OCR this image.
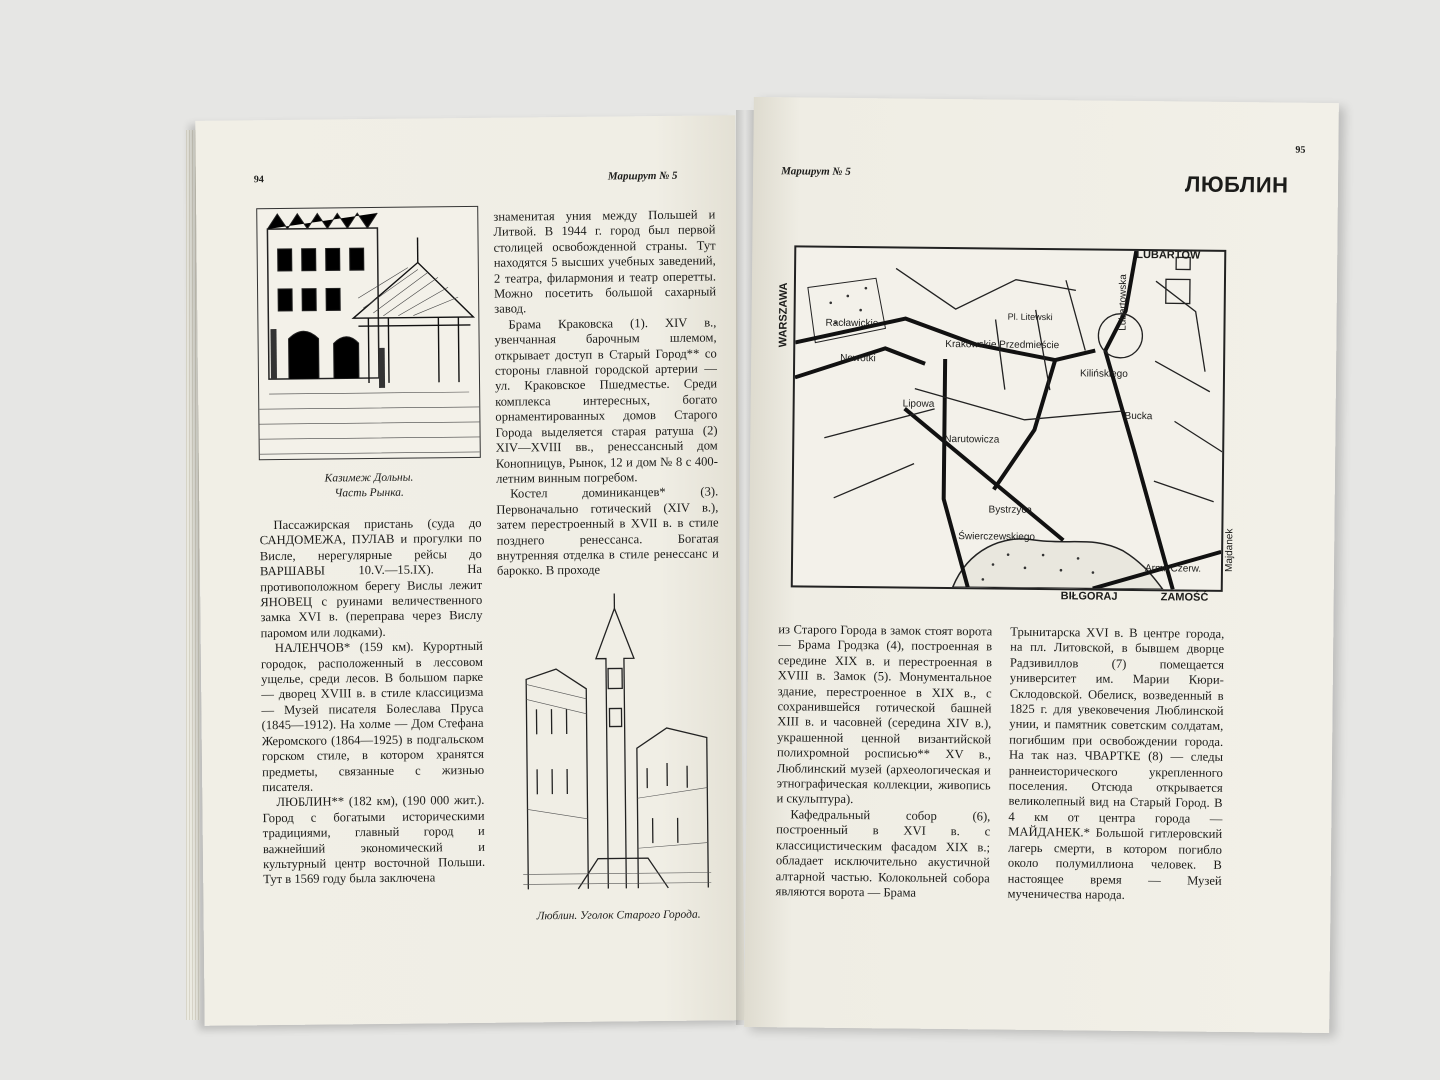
94	Маршрут № 5
Казимеж Дольны.
Часть Рынка.

Пассажирская пристань (суда до САНДОМЕЖА, ПУЛАВ и прогулки по Висле, нерегулярные рейсы до ВАРШАВЫ 10.V.—15.IX). На противоположном берегу Вислы лежит ЯНОВЕЦ с руинами величественного замка XVI в. (переправа через Вислу паромом или лодками).

НАЛЕНЧОВ* (159 км). Курортный городок, расположенный в лессовом ущелье, среди лесов. В большом парке — дворец XVIII в. в стиле классицизма — Музей писателя Болеслава Пруса (1845—1912). На холме — Дом Стефана Жеромского (1864—1925) в подгальском горском стиле, в котором хранятся предметы, связанные с жизнью писателя.

ЛЮБЛИН** (182 км), (190 000 жит.). Город с богатыми историческими традициями, главный город и важнейший экономический и культурный центр восточной Польши. Тут в 1569 году была заключена

знаменитая уния между Польшей и Литвой. В 1944 г. город был первой столицей освобожденной страны. Тут находятся 5 высших учебных заведений, 2 театра, филармония и театр оперетты. Можно посетить большой сахарный завод.

Брама Краковска (1). XIV в., увенчанная барочным шлемом, открывает доступ в Старый Город** со стороны главной городской артерии — ул. Краковское Пшедместье. Среди комплекса интересных, богато орнаментированных домов Старого Города выделяется старая ратуша (2) XIV—XVIII вв., ренессансный дом Конопницув, Рынок, 12 и дом № 8 с 400-летним винным погребом.

Костел доминиканцев* (3). Первоначально готический (XIV в.), затем перестроенный в XVII в. в стиле позднего ренессанса. Богатая внутренняя отделка в стиле ренессанс и барокко. В проходе

Люблин. Уголок Старого Города.
Маршрут № 5
95
ЛЮБЛИН
LUBARTÓW
Racławickie
Nowotki
Krakowskie Przedmieście
Pl. Litewski	Lubartowska
Kilińskiego
Lipowa
Narutowicza
Bystrzyca
Świerczewskiego
Bucka
Armii Czerw.
WARSZAWA
Majdanek
BIŁGORAJ	ZAMOŚĆ

из Старого Города в замок стоят ворота — Брама Гродзка (4), построенная в середине XIX в. и перестроенная в XVIII в. Замок (5). Монументальное здание, перестроенное в XIX в., с сохранившейся готической башней XIII в. и часовней (середина XIV в.), украшенной ценной византийской полихромной росписью** XV в., Люблинский музей (археологическая и этнографическая коллекции, живопись и скульптура).

Кафедральный собор (6), построенный в XVI в. с классицистическим фасадом XIX в.; обладает исключительно акустичной алтарной частью. Колокольней собора являются ворота — Брама

Трынитарска XVI в. В центре города, на пл. Литовской, в бывшем дворце Радзивиллов (7) помещается университет им. Марии Кюри-Склодовской. Обелиск, возведенный в 1825 г. для увековечения Люблинской унии, и памятник советским солдатам, погибшим при освобождении города. На так наз. ЧВАРТКЕ (8) — следы раннеисторического укрепленного поселения. Отсюда открывается великолепный вид на Старый Город. В 4 км от центра города — МАЙДАНЕК.* Большой гитлеровский лагерь смерти, в котором погибло около полумиллиона человек. В настоящее время — Музей мученичества народа.
